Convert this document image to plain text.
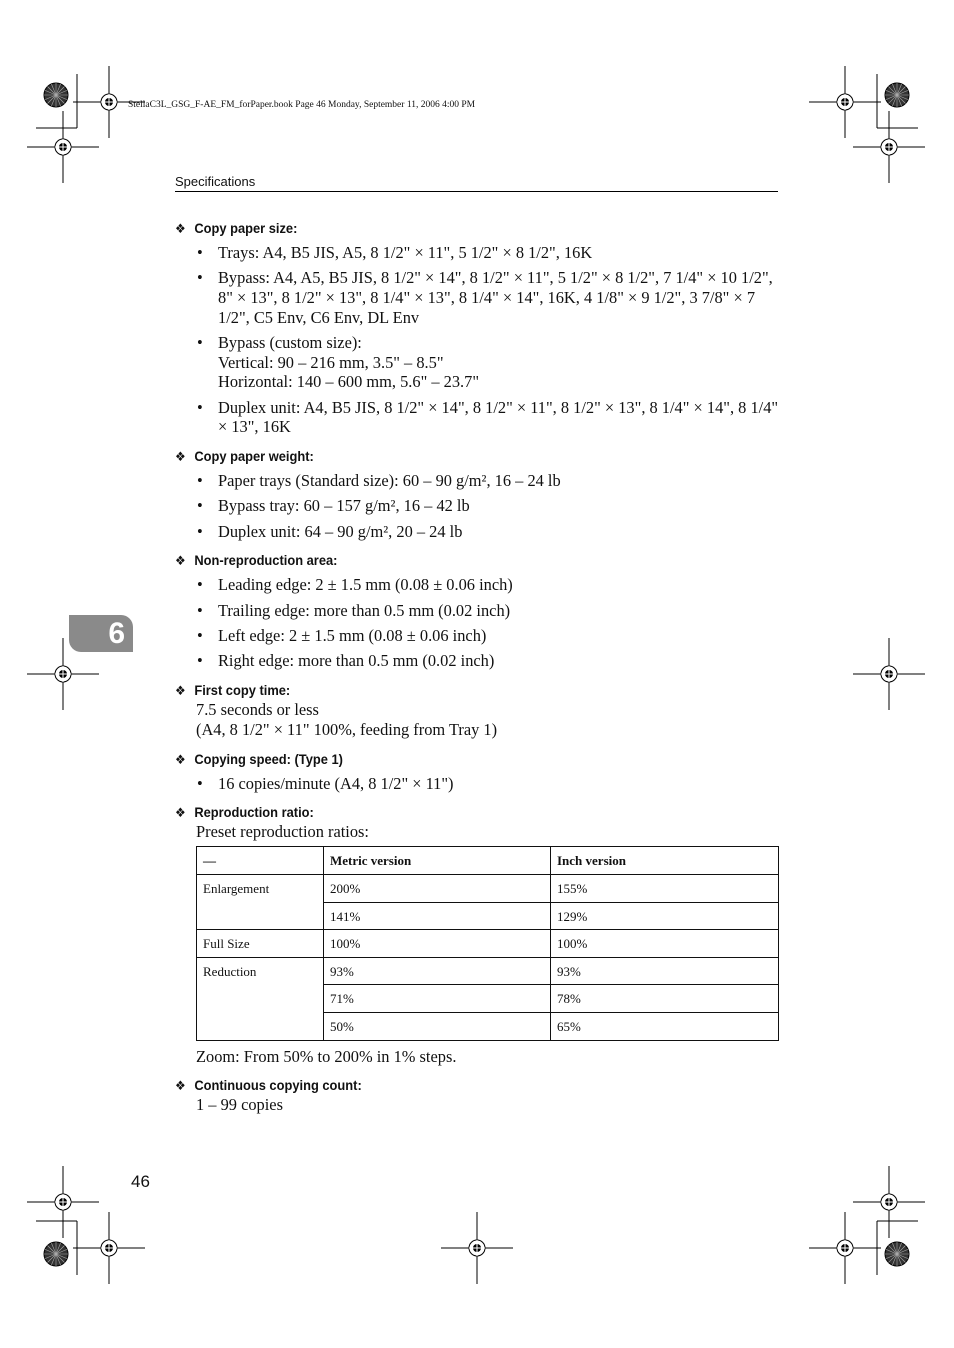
StellaC3L_GSG_F-AE_FM_forPaper.book Page 46 Monday, September 11, 2006 4:00 PM
Specifications
6
❖ Copy paper size:
• Trays: A4, B5 JIS, A5, 8 1/2" × 11", 5 1/2" × 8 1/2", 16K
• Bypass: A4, A5, B5 JIS, 8 1/2" × 14", 8 1/2" × 11", 5 1/2" × 8 1/2", 7 1/4" × 10 1/2", 8" × 13", 8 1/2" × 13", 8 1/4" × 13", 8 1/4" × 14", 16K, 4 1/8" × 9 1/2", 3 7/8" × 7 1/2", C5 Env, C6 Env, DL Env
• Bypass (custom size):
Vertical: 90 – 216 mm, 3.5" – 8.5"
Horizontal: 140 – 600 mm, 5.6" – 23.7"
• Duplex unit: A4, B5 JIS, 8 1/2" × 14", 8 1/2" × 11", 8 1/2" × 13", 8 1/4" × 14", 8 1/4" × 13", 16K
❖ Copy paper weight:
• Paper trays (Standard size): 60 – 90 g/m², 16 – 24 lb
• Bypass tray: 60 – 157 g/m², 16 – 42 lb
• Duplex unit: 64 – 90 g/m², 20 – 24 lb
❖ Non-reproduction area:
• Leading edge: 2 ± 1.5 mm (0.08 ± 0.06 inch)
• Trailing edge: more than 0.5 mm (0.02 inch)
• Left edge: 2 ± 1.5 mm (0.08 ± 0.06 inch)
• Right edge: more than 0.5 mm (0.02 inch)
❖ First copy time:
7.5 seconds or less
(A4, 8 1/2" × 11" 100%, feeding from Tray 1)
❖ Copying speed: (Type 1)
• 16 copies/minute (A4, 8 1/2" × 11")
❖ Reproduction ratio:
Preset reproduction ratios:
—	Metric version	Inch version
Enlargement	200%	155%
	141%	129%
Full Size	100%	100%
Reduction	93%	93%
	71%	78%
	50%	65%
Zoom: From 50% to 200% in 1% steps.
❖ Continuous copying count:
1 – 99 copies
46
